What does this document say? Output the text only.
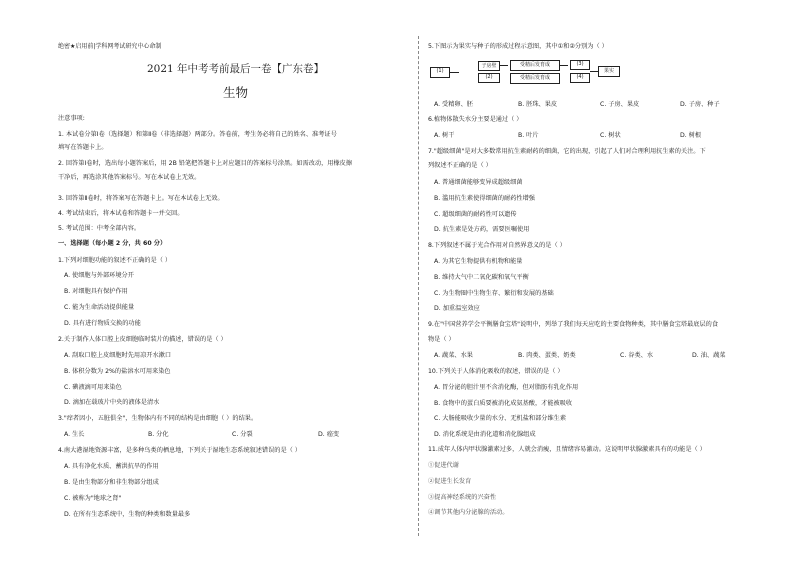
绝密★启用前|学科网考试研究中心命制
2021 年中考考前最后一卷【广东卷】
生物
注意事项:
1. 本试卷分第Ⅰ卷（选择题）和第Ⅱ卷（非选择题）两部分。答卷前，考生务必将自己的姓名、准考证号
填写在答题卡上。
2. 回答第Ⅰ卷时，选出每小题答案后，用 2B 铅笔把答题卡上对应题目的答案标号涂黑。如需改动，用橡皮擦
干净后，再选涂其他答案标号。写在本试卷上无效。
3. 回答第Ⅱ卷时，将答案写在答题卡上。写在本试卷上无效。
4. 考试结束后，将本试卷和答题卡一并交回。
5. 考试范围：中考全部内容。
一、选择题（每小题 2 分，共 60 分）
1.下列对细胞功能的叙述不正确的是（ ）
A. 使细胞与外部环境分开
B. 对细胞具有保护作用
C. 能为生命活动提供能量
D. 具有进行物质交换的功能
2.关于制作人体口腔上皮细胞临时装片的描述，错误的是（ ）
A. 刮取口腔上皮细胞时先用凉开水漱口
B. 体积分数为 2%的盐溶水可用来染色
C. 碘液滴可用来染色
D. 滴加在载玻片中央的液体是清水
3."痒者因小，五脏俱全"，生物体内有不同的结构是由细胞（ ）的结果。
A. 生长	B. 分化	C. 分裂	D. 癌变
4.南大港湿地资源丰富，是多种鸟类的栖息地，下列关于湿地生态系统叙述错误的是（ ）
A. 具有净化水质、蓄洪抗旱的作用
B. 是由生物部分和非生物部分组成
C. 被称为"地球之肾"
D. 在所有生态系统中，生物的种类和数量最多
5.下图示为果实与种子的形成过程示意图，其中①和②分别为（ ）
(1)
子房壁
(2)
受精后发育成
受精后发育成
(3)
(4)
果实
A. 受精卵、胚	B. 胚珠、果皮	C. 子房、果皮	D. 子房、种子
6.植物体散失水分主要是通过（ ）
A. 树干	B. 叶片	C. 树状	D. 树根
7."超级细菌"是对大多数常用抗生素耐药的细菌，它的出现，引起了人们对合理利用抗生素的关注。下
列叙述不正确的是（ ）
A. 普通细菌能够变异成超级细菌
B. 滥用抗生素使得细菌的耐药性增强
C. 超级细菌的耐药性可以遗传
D. 抗生素是处方药，需要医嘱使用
8.下列叙述不属于光合作用对自然界意义的是（ ）
A. 为其它生物提供有机物和能量
B. 维持大气中二氧化碳和氧气平衡
C. 为生物圈中生物生存、繁衍和发展的基础
D. 加重温室效应
9.在"中国营养学会平衡膳食宝塔"说明中，列举了我们每天应吃的主要食物种类，其中膳食宝塔最底层的食
物是（ ）
A. 蔬菜、水果	B. 肉类、蛋类、奶类	C. 谷类、水	D. 油、蔬菜
10.下列关于人体消化吸收的叙述，错误的是（ ）
A. 胃分泌的胆汁里不含消化酶，但对脂肪有乳化作用
B. 食物中的蛋白质要被消化成氨基酸，才能被吸收
C. 大肠能吸收少量的水分、无机盐和部分维生素
D. 消化系统是由消化道和消化腺组成
11.成年人体内甲状腺激素过多，人就会消瘦，且情绪容易激动。这说明甲状腺激素具有的功能是（ ）
①促进代谢
②促进生长发育
③提高神经系统的兴奋性
④调节其他内分泌腺的活动。
